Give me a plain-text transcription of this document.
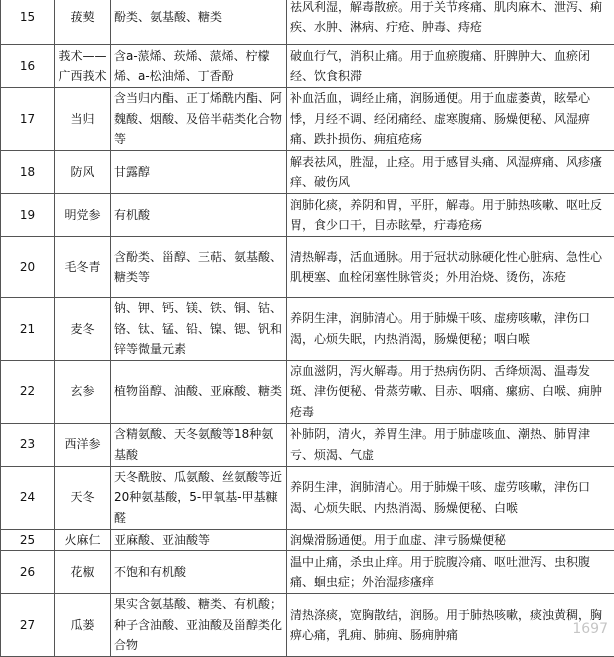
15	菝葜	酚类、氨基酸、糖类	祛风利湿，解毒散瘀。用于关节疼痛、肌肉麻木、泄泻、痢疾、水肿、淋病、疔疮、肿毒、痔疮
16	莪术——广西莪术	含a-蒎烯、莰烯、蒎烯、柠檬烯、a-松油烯、丁香酚	破血行气，消积止痛。用于血瘀腹痛、肝脾肿大、血瘀闭经、饮食积滞
17	当归	含当归内酯、正丁烯酰内酯、阿魏酸、烟酸、及倍半萜类化合物等	补血活血，调经止痛，润肠通便。用于血虚萎黄，眩晕心悸，月经不调、经闭痛经、虚寒腹痛、肠燥便秘、风湿痹痛、跌扑损伤、痈疽疮疡
18	防风	甘露醇	解表祛风，胜湿，止痉。用于感冒头痛、风湿痹痛、风疹瘙痒、破伤风
19	明党参	有机酸	润肺化痰，养阴和胃，平肝，解毒。用于肺热咳嗽、呕吐反胃，食少口干，目赤眩晕，疔毒疮疡
20	毛冬青	含酚类、甾醇、三萜、氨基酸、糖类等	清热解毒，活血通脉。用于冠状动脉硬化性心脏病、急性心肌梗塞、血栓闭塞性脉管炎；外用治烧、烫伤，冻疮
21	麦冬	钠、钾、钙、镁、铁、铜、钴、铬、钛、锰、铅、镍、锶、钒和锌等微量元素	养阴生津，润肺清心。用于肺燥干咳、虚痨咳嗽，津伤口渴，心烦失眠，内热消渴，肠燥便秘；咽白喉
22	玄参	植物甾醇、油酸、亚麻酸、糖类	凉血滋阴，泻火解毒。用于热病伤阴、舌绛烦渴、温毒发斑、津伤便秘、骨蒸劳嗽、目赤、咽痛、瘰疬、白喉、痈肿疮毒
23	西洋参	含精氨酸、天冬氨酸等18种氨基酸	补肺阴，清火，养胃生津。用于肺虚咳血、潮热、肺胃津亏、烦渴、气虚
24	天冬	天冬酰胺、瓜氨酸、丝氨酸等近20种氨基酸，5-甲氧基-甲基糠醛	养阴生津，润肺清心。用于肺燥干咳、虚劳咳嗽，津伤口渴、心烦失眠、内热消渴、肠燥便秘、白喉
25	火麻仁	亚麻酸、亚油酸等	润燥滑肠通便。用于血虚、津亏肠燥便秘
26	花椒	不饱和有机酸	温中止痛，杀虫止痒。用于脘腹冷痛、呕吐泄泻、虫积腹痛、蛔虫症；外治湿疹瘙痒
27	瓜蒌	果实含氨基酸、糖类、有机酸；种子含油酸、亚油酸及甾醇类化合物	清热涤痰，宽胸散结，润肠。用于肺热咳嗽，痰浊黄稠，胸痹心痛，乳痈、肺痈、肠痈肿痛	1697
